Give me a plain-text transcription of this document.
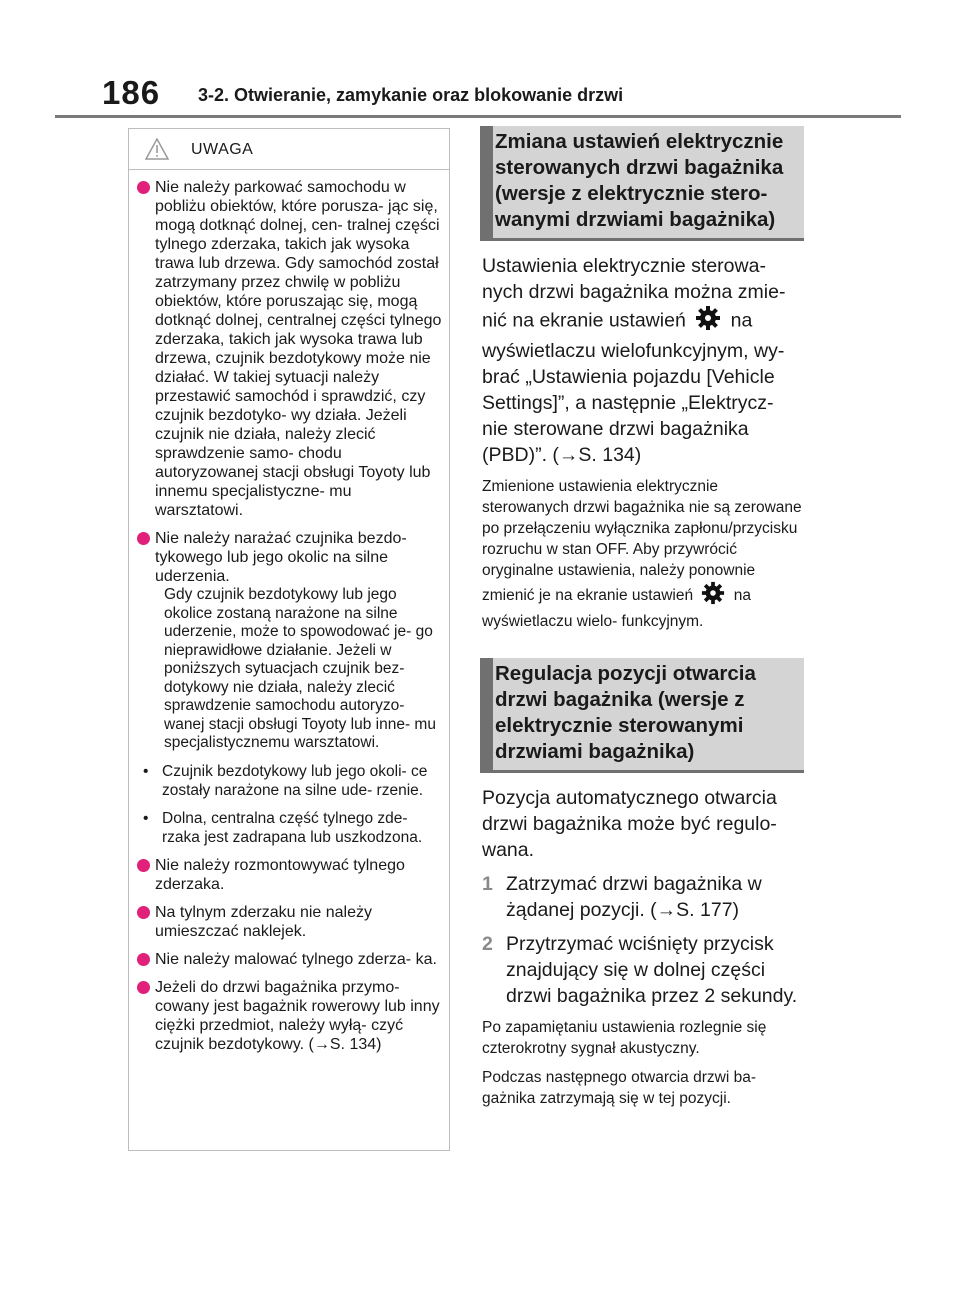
186 3-2. Otwieranie, zamykanie oraz blokowanie drzwi
UWAGA
Nie należy parkować samochodu w pobliżu obiektów, które porusza- jąc się, mogą dotknąć dolnej, cen- tralnej części tylnego zderzaka, takich jak wysoka trawa lub drzewa. Gdy samochód został zatrzymany przez chwilę w pobliżu obiektów, które poruszając się, mogą dotknąć dolnej, centralnej części tylnego zderzaka, takich jak wysoka trawa lub drzewa, czujnik bezdotykowy może nie działać. W takiej sytuacji należy przestawić samochód i sprawdzić, czy czujnik bezdotyko- wy działa. Jeżeli czujnik nie działa, należy zlecić sprawdzenie samo- chodu autoryzowanej stacji obsługi Toyoty lub innemu specjalistyczne- mu warsztatowi.
Nie należy narażać czujnika bezdo- tykowego lub jego okolic na silne uderzenia.
Gdy czujnik bezdotykowy lub jego okolice zostaną narażone na silne uderzenie, może to spowodować je- go nieprawidłowe działanie. Jeżeli w poniższych sytuacjach czujnik bez- dotykowy nie działa, należy zlecić sprawdzenie samochodu autoryzo- wanej stacji obsługi Toyoty lub inne- mu specjalistycznemu warsztatowi.
• Czujnik bezdotykowy lub jego okoli- ce zostały narażone na silne ude- rzenie.
• Dolna, centralna część tylnego zde- rzaka jest zadrapana lub uszkodzona.
Nie należy rozmontowywać tylnego zderzaka.
Na tylnym zderzaku nie należy umieszczać naklejek.
Nie należy malować tylnego zderza- ka.
Jeżeli do drzwi bagażnika przymo- cowany jest bagażnik rowerowy lub inny ciężki przedmiot, należy wyłą- czyć czujnik bezdotykowy. (→S. 134)
Zmiana ustawień elektrycznie sterowanych drzwi bagażnika (wersje z elektrycznie stero- wanymi drzwiami bagażnika)
Ustawienia elektrycznie sterowa- nych drzwi bagażnika można zmie- nić na ekranie ustawień na wyświetlaczu wielofunkcyjnym, wy- brać „Ustawienia pojazdu [Vehicle Settings]”, a następnie „Elektrycz- nie sterowane drzwi bagażnika (PBD)”. (→S. 134)
Zmienione ustawienia elektrycznie sterowanych drzwi bagażnika nie są zerowane po przełączeniu wyłącznika zapłonu/przycisku rozruchu w stan OFF. Aby przywrócić oryginalne ustawienia, należy ponownie zmienić je na ekranie ustawień	na wyświetlaczu wielo- funkcyjnym.
Regulacja pozycji otwarcia drzwi bagażnika (wersje z elektrycznie sterowanymi drzwiami bagażnika)
Pozycja automatycznego otwarcia drzwi bagażnika może być regulo- wana.
1 Zatrzymać drzwi bagażnika w żądanej pozycji. (→S. 177)
2 Przytrzymać wciśnięty przycisk znajdujący się w dolnej części drzwi bagażnika przez 2 sekundy.
Po zapamiętaniu ustawienia rozlegnie się czterokrotny sygnał akustyczny.
Podczas następnego otwarcia drzwi ba- gażnika zatrzymają się w tej pozycji.
